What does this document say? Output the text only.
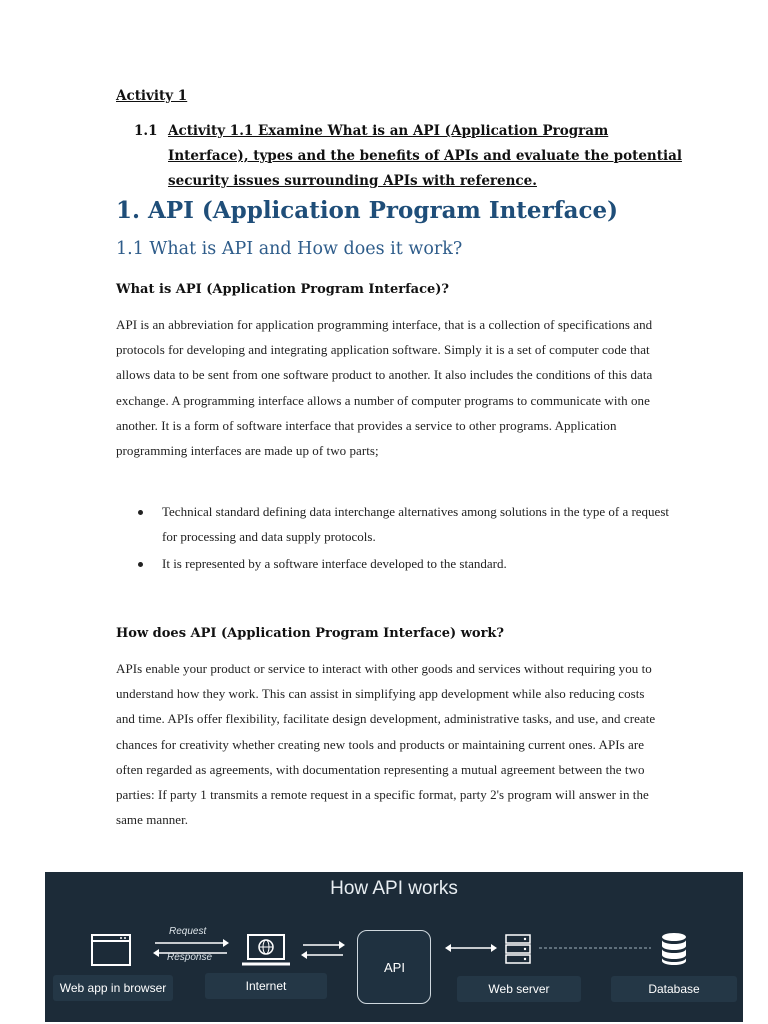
Activity 1
1.1 Activity 1.1 Examine What is an API (Application Program Interface), types and the benefits of APIs and evaluate the potential security issues surrounding APIs with reference.
1. API (Application Program Interface)
1.1 What is API and How does it work?
What is API (Application Program Interface)?
API is an abbreviation for application programming interface, that is a collection of specifications and protocols for developing and integrating application software. Simply it is a set of computer code that allows data to be sent from one software product to another. It also includes the conditions of this data exchange. A programming interface allows a number of computer programs to communicate with one another. It is a form of software interface that provides a service to other programs. Application programming interfaces are made up of two parts;
Technical standard defining data interchange alternatives among solutions in the type of a request for processing and data supply protocols.
It is represented by a software interface developed to the standard.
How does API (Application Program Interface) work?
APIs enable your product or service to interact with other goods and services without requiring you to understand how they work. This can assist in simplifying app development while also reducing costs and time. APIs offer flexibility, facilitate design development, administrative tasks, and use, and create chances for creativity whether creating new tools and products or maintaining current ones. APIs are often regarded as agreements, with documentation representing a mutual agreement between the two parties: If party 1 transmits a remote request in a specific format, party 2's program will answer in the same manner.
How API works
Web app in browser
Request
Response
Internet
API
Web server	Database
